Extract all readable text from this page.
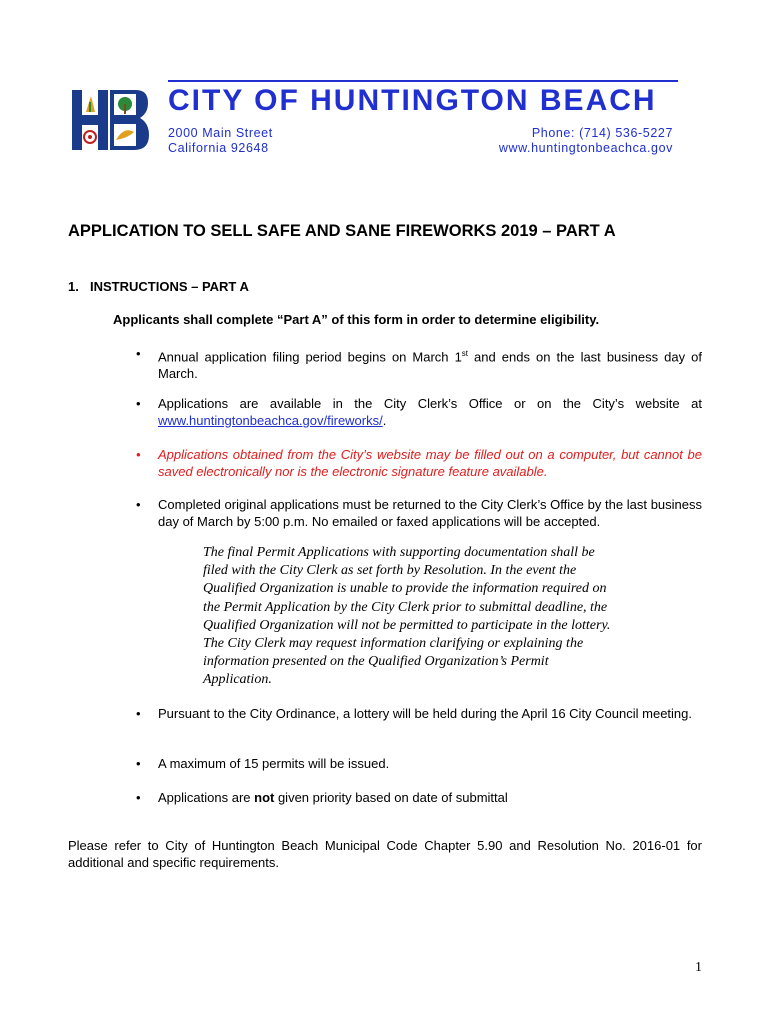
CITY OF HUNTINGTON BEACH
2000 Main Street
California 92648
Phone: (714) 536-5227
www.huntingtonbeachca.gov
APPLICATION TO SELL SAFE AND SANE FIREWORKS 2019 – PART A
1. INSTRUCTIONS – PART A
Applicants shall complete “Part A” of this form in order to determine eligibility.
• Annual application filing period begins on March 1st and ends on the last business day of March.
• Applications are available in the City Clerk’s Office or on the City’s website at www.huntingtonbeachca.gov/fireworks/.
• Applications obtained from the City’s website may be filled out on a computer, but cannot be saved electronically nor is the electronic signature feature available.
• Completed original applications must be returned to the City Clerk’s Office by the last business day of March by 5:00 p.m. No emailed or faxed applications will be accepted.
The final Permit Applications with supporting documentation shall be filed with the City Clerk as set forth by Resolution. In the event the Qualified Organization is unable to provide the information required on the Permit Application by the City Clerk prior to submittal deadline, the Qualified Organization will not be permitted to participate in the lottery. The City Clerk may request information clarifying or explaining the information presented on the Qualified Organization’s Permit Application.
• Pursuant to the City Ordinance, a lottery will be held during the April 16 City Council meeting.
• A maximum of 15 permits will be issued.
• Applications are not given priority based on date of submittal
Please refer to City of Huntington Beach Municipal Code Chapter 5.90 and Resolution No. 2016-01 for additional and specific requirements.
1
